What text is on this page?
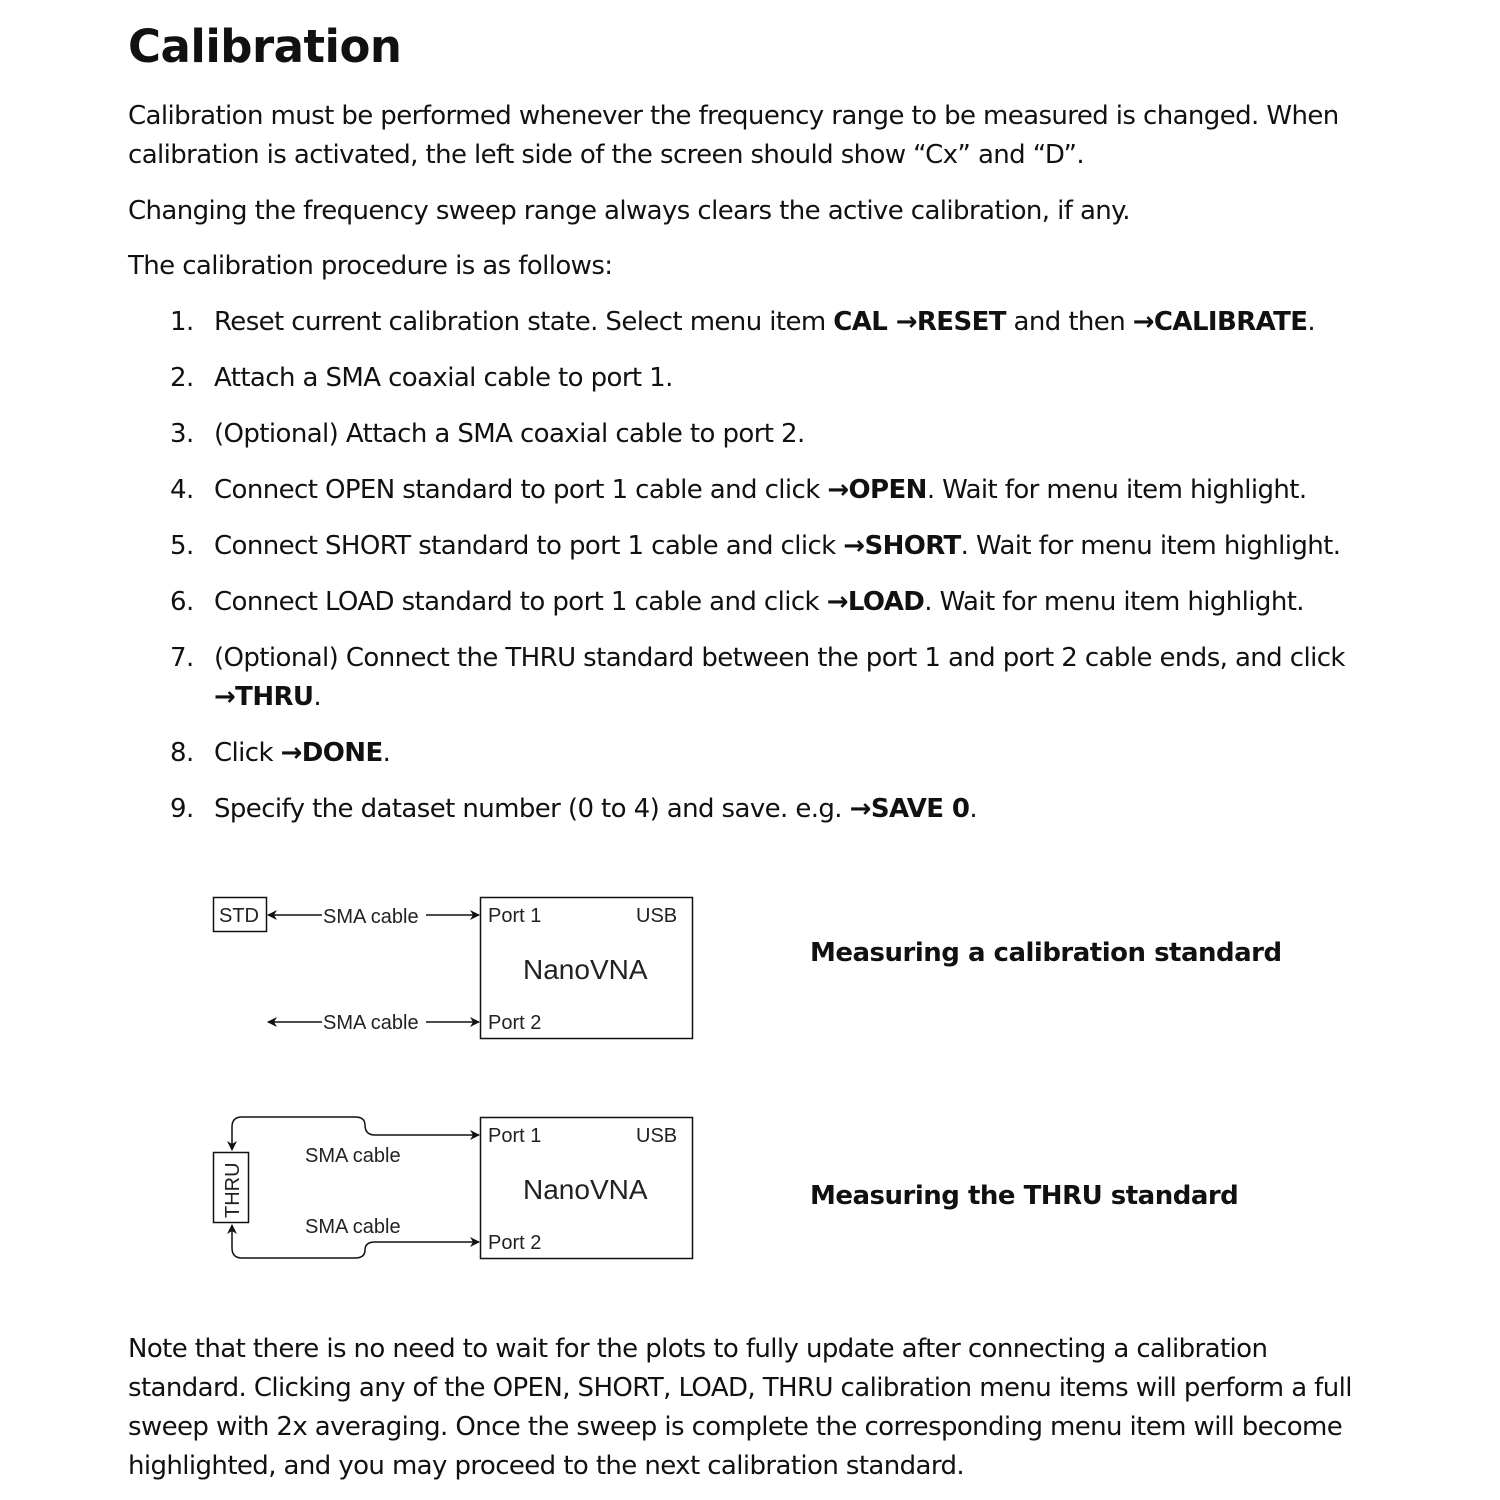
Calibration

Calibration must be performed whenever the frequency range to be measured is changed. When calibration is activated, the left side of the screen should show “Cx” and “D”.

Changing the frequency sweep range always clears the active calibration, if any.

The calibration procedure is as follows:

1. Reset current calibration state. Select menu item CAL →RESET and then →CALIBRATE.
2. Attach a SMA coaxial cable to port 1.
3. (Optional) Attach a SMA coaxial cable to port 2.
4. Connect OPEN standard to port 1 cable and click →OPEN. Wait for menu item highlight.
5. Connect SHORT standard to port 1 cable and click →SHORT. Wait for menu item highlight.
6. Connect LOAD standard to port 1 cable and click →LOAD. Wait for menu item highlight.
7. (Optional) Connect the THRU standard between the port 1 and port 2 cable ends, and click →THRU.
8. Click →DONE.
9. Specify the dataset number (0 to 4) and save. e.g. →SAVE 0.
STD	SMA cable
SMA cable
Port 1	USB
NanoVNA
Port 2
Measuring a calibration standard
THRU
SMA cable
SMA cable
Port 1	USB
NanoVNA
Port 2
Measuring the THRU standard

Note that there is no need to wait for the plots to fully update after connecting a calibration standard. Clicking any of the OPEN, SHORT, LOAD, THRU calibration menu items will perform a full sweep with 2x averaging. Once the sweep is complete the corresponding menu item will become highlighted, and you may proceed to the next calibration standard.
